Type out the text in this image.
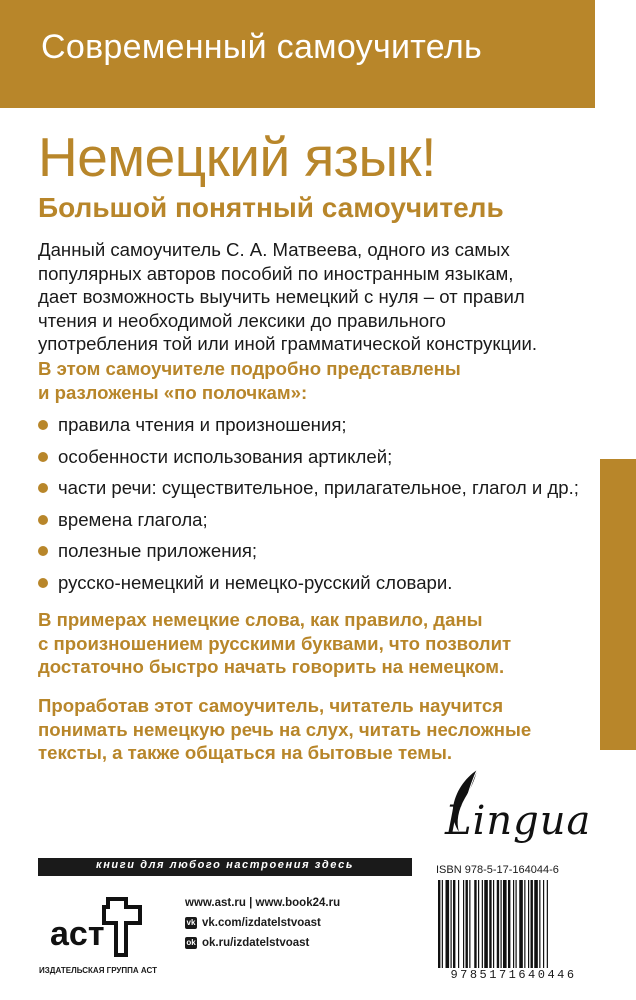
Современный самоучитель
Немецкий язык!
Большой понятный самоучитель
Данный самоучитель С. А. Матвеева, одного из самых
популярных авторов пособий по иностранным языкам,
дает возможность выучить немецкий с нуля – от правил
чтения и необходимой лексики до правильного
употребления той или иной грамматической конструкции.
В этом самоучителе подробно представлены
и разложены «по полочкам»:
правила чтения и произношения;
особенности использования артиклей;
части речи: существительное, прилагательное, глагол и др.;
времена глагола;
полезные приложения;
русско-немецкий и немецко-русский словари.
В примерах немецкие слова, как правило, даны
с произношением русскими буквами, что позволит
достаточно быстро начать говорить на немецком.
Проработав этот самоучитель, читатель научится
понимать немецкую речь на слух, читать несложные
тексты, а также общаться на бытовые темы.
Lingua
книги для любого настроения здесь
аст
ИЗДАТЕЛЬСКАЯ ГРУППА АСТ
www.ast.ru | www.book24.ru
vk vk.com/izdatelstvoast
ok ok.ru/izdatelstvoast
ISBN 978-5-17-164044-6
9785171640446
